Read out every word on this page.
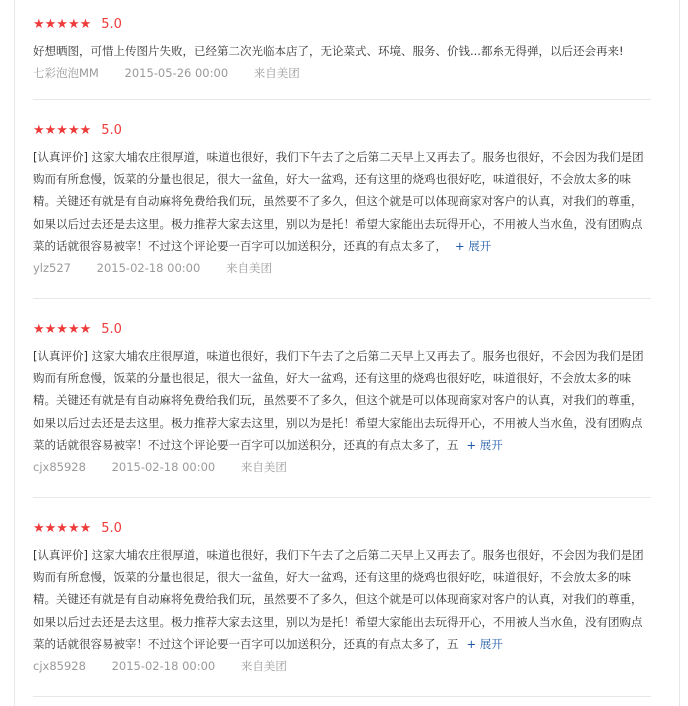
★★★★★ 5.0

好想晒图，可惜上传图片失败，已经第二次光临本店了，无论菜式、环境、服务、价钱...都糸无得弹，以后还会再来!

七彩泡泡MM 2015-05-26 00:00 来自美团
★★★★★ 5.0

[认真评价] 这家大埔农庄很厚道，味道也很好，我们下午去了之后第二天早上又再去了。服务也很好，不会因为我们是团购而有所怠慢，饭菜的分量也很足，很大一盆鱼，好大一盆鸡，还有这里的烧鸡也很好吃，味道很好，不会放太多的味精。关键还有就是有自动麻将免费给我们玩，虽然要不了多久，但这个就是可以体现商家对客户的认真，对我们的尊重，如果以后过去还是去这里。极力推荐大家去这里，别以为是托！希望大家能出去玩得开心，不用被人当水鱼，没有团购点菜的话就很容易被宰！不过这个评论要一百字可以加送积分，还真的有点太多了， + 展开

ylz527 2015-02-18 00:00 来自美团
★★★★★ 5.0

[认真评价] 这家大埔农庄很厚道，味道也很好，我们下午去了之后第二天早上又再去了。服务也很好，不会因为我们是团购而有所怠慢，饭菜的分量也很足，很大一盆鱼，好大一盆鸡，还有这里的烧鸡也很好吃，味道很好，不会放太多的味精。关键还有就是有自动麻将免费给我们玩，虽然要不了多久，但这个就是可以体现商家对客户的认真，对我们的尊重，如果以后过去还是去这里。极力推荐大家去这里，别以为是托！希望大家能出去玩得开心，不用被人当水鱼，没有团购点菜的话就很容易被宰！不过这个评论要一百字可以加送积分，还真的有点太多了，五 + 展开

cjx85928 2015-02-18 00:00 来自美团
★★★★★ 5.0

[认真评价] 这家大埔农庄很厚道，味道也很好，我们下午去了之后第二天早上又再去了。服务也很好，不会因为我们是团购而有所怠慢，饭菜的分量也很足，很大一盆鱼，好大一盆鸡，还有这里的烧鸡也很好吃，味道很好，不会放太多的味精。关键还有就是有自动麻将免费给我们玩，虽然要不了多久，但这个就是可以体现商家对客户的认真，对我们的尊重，如果以后过去还是去这里。极力推荐大家去这里，别以为是托！希望大家能出去玩得开心，不用被人当水鱼，没有团购点菜的话就很容易被宰！不过这个评论要一百字可以加送积分，还真的有点太多了，五 + 展开

cjx85928 2015-02-18 00:00 来自美团
